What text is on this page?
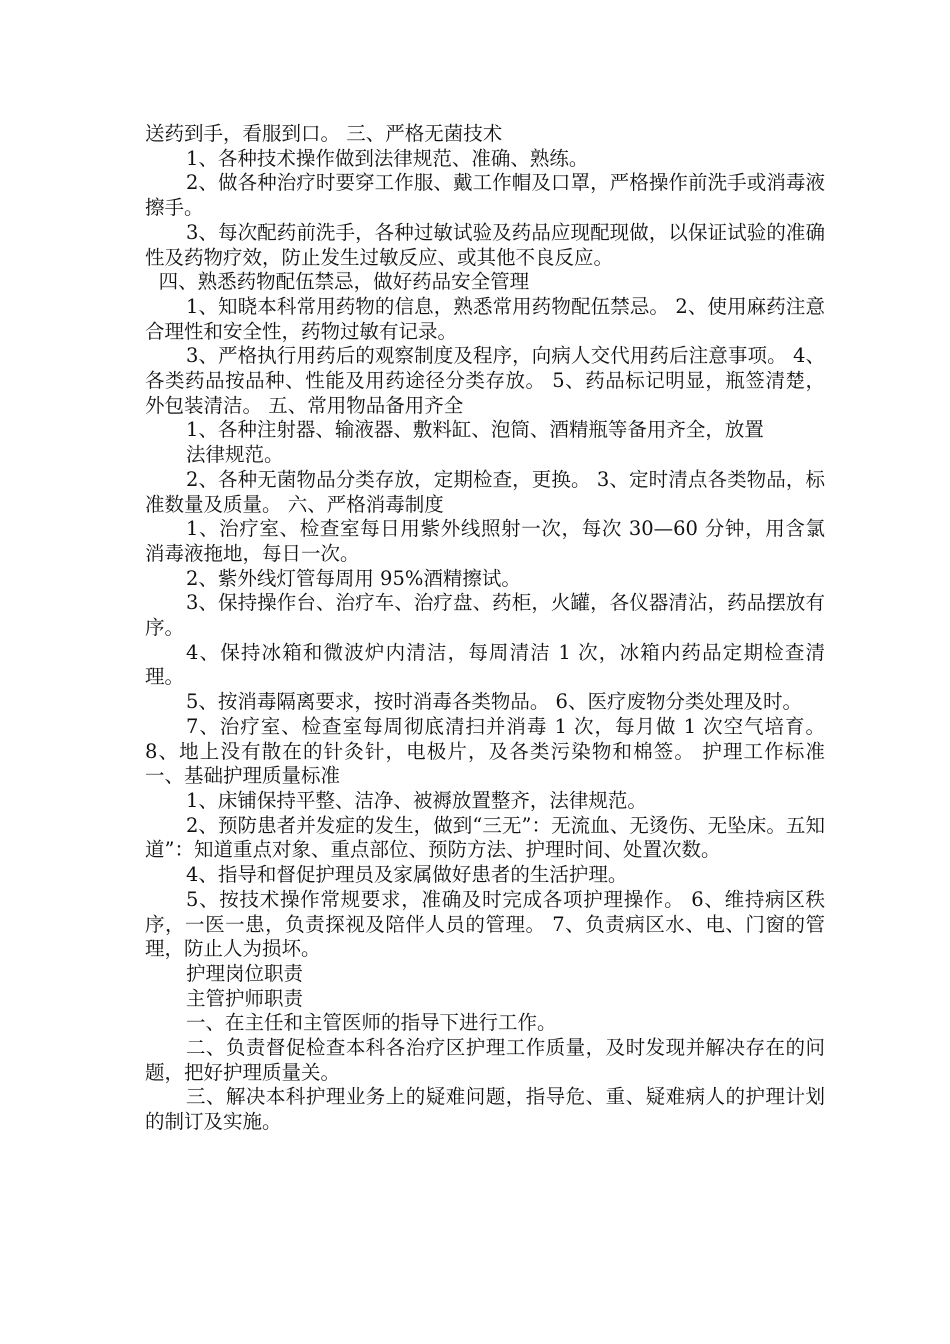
送药到手，看服到口。 三、严格无菌技术

1、各种技术操作做到法律规范、准确、熟练。

2、做各种治疗时要穿工作服、戴工作帽及口罩，严格操作前洗手或消毒液擦手。

3、每次配药前洗手，各种过敏试验及药品应现配现做，以保证试验的准确性及药物疗效，防止发生过敏反应、或其他不良反应。

四、熟悉药物配伍禁忌，做好药品安全管理

1、知晓本科常用药物的信息，熟悉常用药物配伍禁忌。 2、使用麻药注意合理性和安全性，药物过敏有记录。

3、严格执行用药后的观察制度及程序，向病人交代用药后注意事项。 4、各类药品按品种、性能及用药途径分类存放。 5、药品标记明显，瓶签清楚，外包装清洁。 五、常用物品备用齐全

1、各种注射器、输液器、敷料缸、泡筒、酒精瓶等备用齐全，放置

法律规范。

2、各种无菌物品分类存放，定期检查，更换。 3、定时清点各类物品，标准数量及质量。 六、严格消毒制度

1、治疗室、检查室每日用紫外线照射一次，每次 30—60 分钟，用含氯消毒液拖地，每日一次。

2、紫外线灯管每周用 95%酒精擦试。

3、保持操作台、治疗车、治疗盘、药柜，火罐，各仪器清沾，药品摆放有序。

4、保持冰箱和微波炉内清洁，每周清洁 1 次，冰箱内药品定期检查清理。

5、按消毒隔离要求，按时消毒各类物品。 6、医疗废物分类处理及时。

7、治疗室、检查室每周彻底清扫并消毒 1 次，每月做 1 次空气培育。 8、地上没有散在的针灸针，电极片，及各类污染物和棉签。 护理工作标准 一、基础护理质量标准

1、床铺保持平整、洁净、被褥放置整齐，法律规范。

2、预防患者并发症的发生，做到“三无”：无流血、无烫伤、无坠床。五知道”：知道重点对象、重点部位、预防方法、护理时间、处置次数。

4、指导和督促护理员及家属做好患者的生活护理。

5、按技术操作常规要求，准确及时完成各项护理操作。 6、维持病区秩序，一医一患，负责探视及陪伴人员的管理。 7、负责病区水、电、门窗的管理，防止人为损坏。

护理岗位职责

主管护师职责

一、在主任和主管医师的指导下进行工作。

二、负责督促检查本科各治疗区护理工作质量，及时发现并解决存在的问题，把好护理质量关。

三、解决本科护理业务上的疑难问题，指导危、重、疑难病人的护理计划的制订及实施。
